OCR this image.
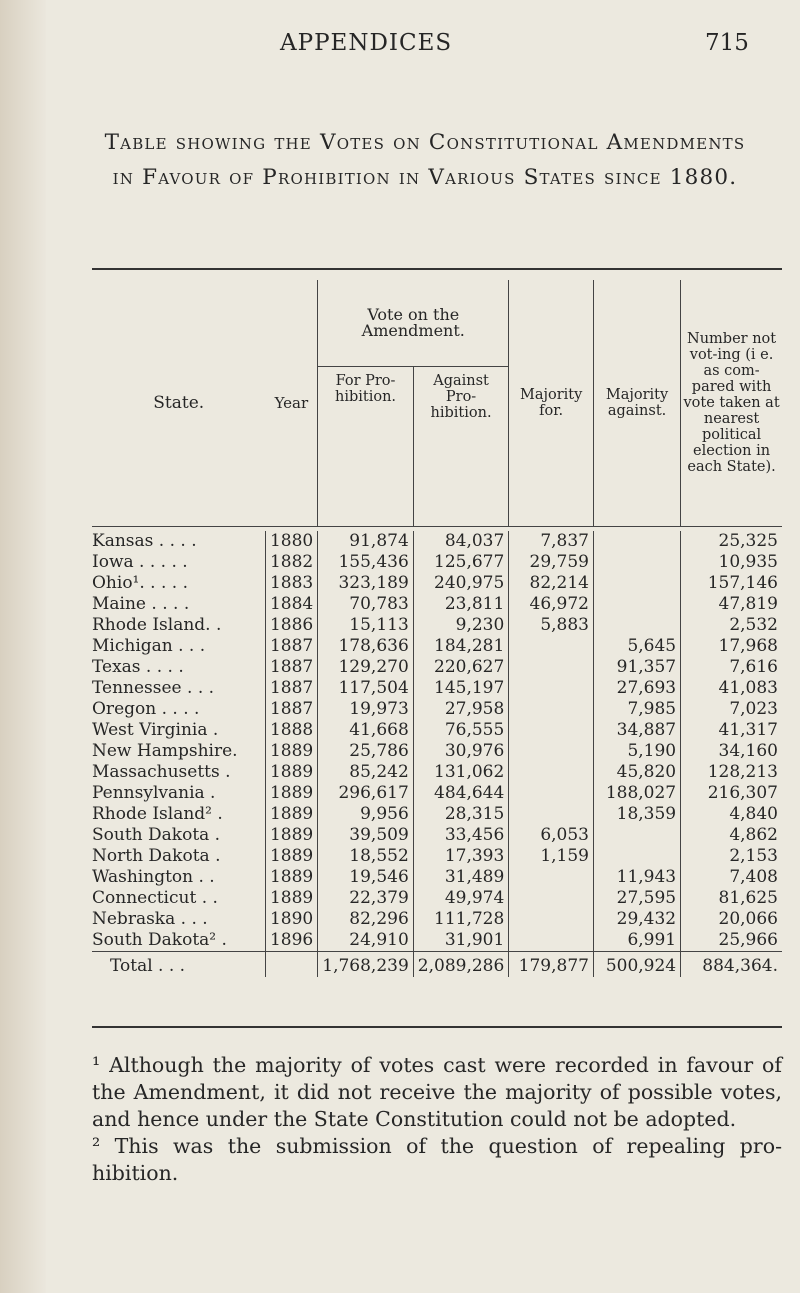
APPENDICES	715
Table showing the Votes on Constitutional Amendments in Favour of Prohibition in Various States since 1880.
State.	Year	Vote on the Amendment.		Majority for.	Majority against.	Number not vot-ing (i e. as com-pared with vote taken at nearest political election in each State).
		For Pro-hibition.	Against Pro-hibition.			

Kansas . . . .	1880	91,874	84,037	7,837		25,325
Iowa . . . . .	1882	155,436	125,677	29,759		10,935
Ohio¹. . . . .	1883	323,189	240,975	82,214		157,146
Maine . . . .	1884	70,783	23,811	46,972		47,819
Rhode Island. .	1886	15,113	9,230	5,883		2,532
Michigan . . .	1887	178,636	184,281		5,645	17,968
Texas . . . .	1887	129,270	220,627		91,357	7,616
Tennessee . . .	1887	117,504	145,197		27,693	41,083
Oregon . . . .	1887	19,973	27,958		7,985	7,023
West Virginia .	1888	41,668	76,555		34,887	41,317
New Hampshire.	1889	25,786	30,976		5,190	34,160
Massachusetts .	1889	85,242	131,062		45,820	128,213
Pennsylvania .	1889	296,617	484,644		188,027	216,307
Rhode Island² .	1889	9,956	28,315		18,359	4,840
South Dakota .	1889	39,509	33,456	6,053		4,862
North Dakota .	1889	18,552	17,393	1,159		2,153
Washington . .	1889	19,546	31,489		11,943	7,408
Connecticut . .	1889	22,379	49,974		27,595	81,625
Nebraska . . .	1890	82,296	111,728		29,432	20,066
South Dakota² .	1896	24,910	31,901		6,991	25,966
Total . . .		1,768,239	2,089,286	179,877	500,924	884,364.

¹ Although the majority of votes cast were recorded in favour of the Amendment, it did not receive the majority of possible votes, and hence under the State Constitution could not be adopted.

² This was the submission of the question of repealing pro-hibition.
